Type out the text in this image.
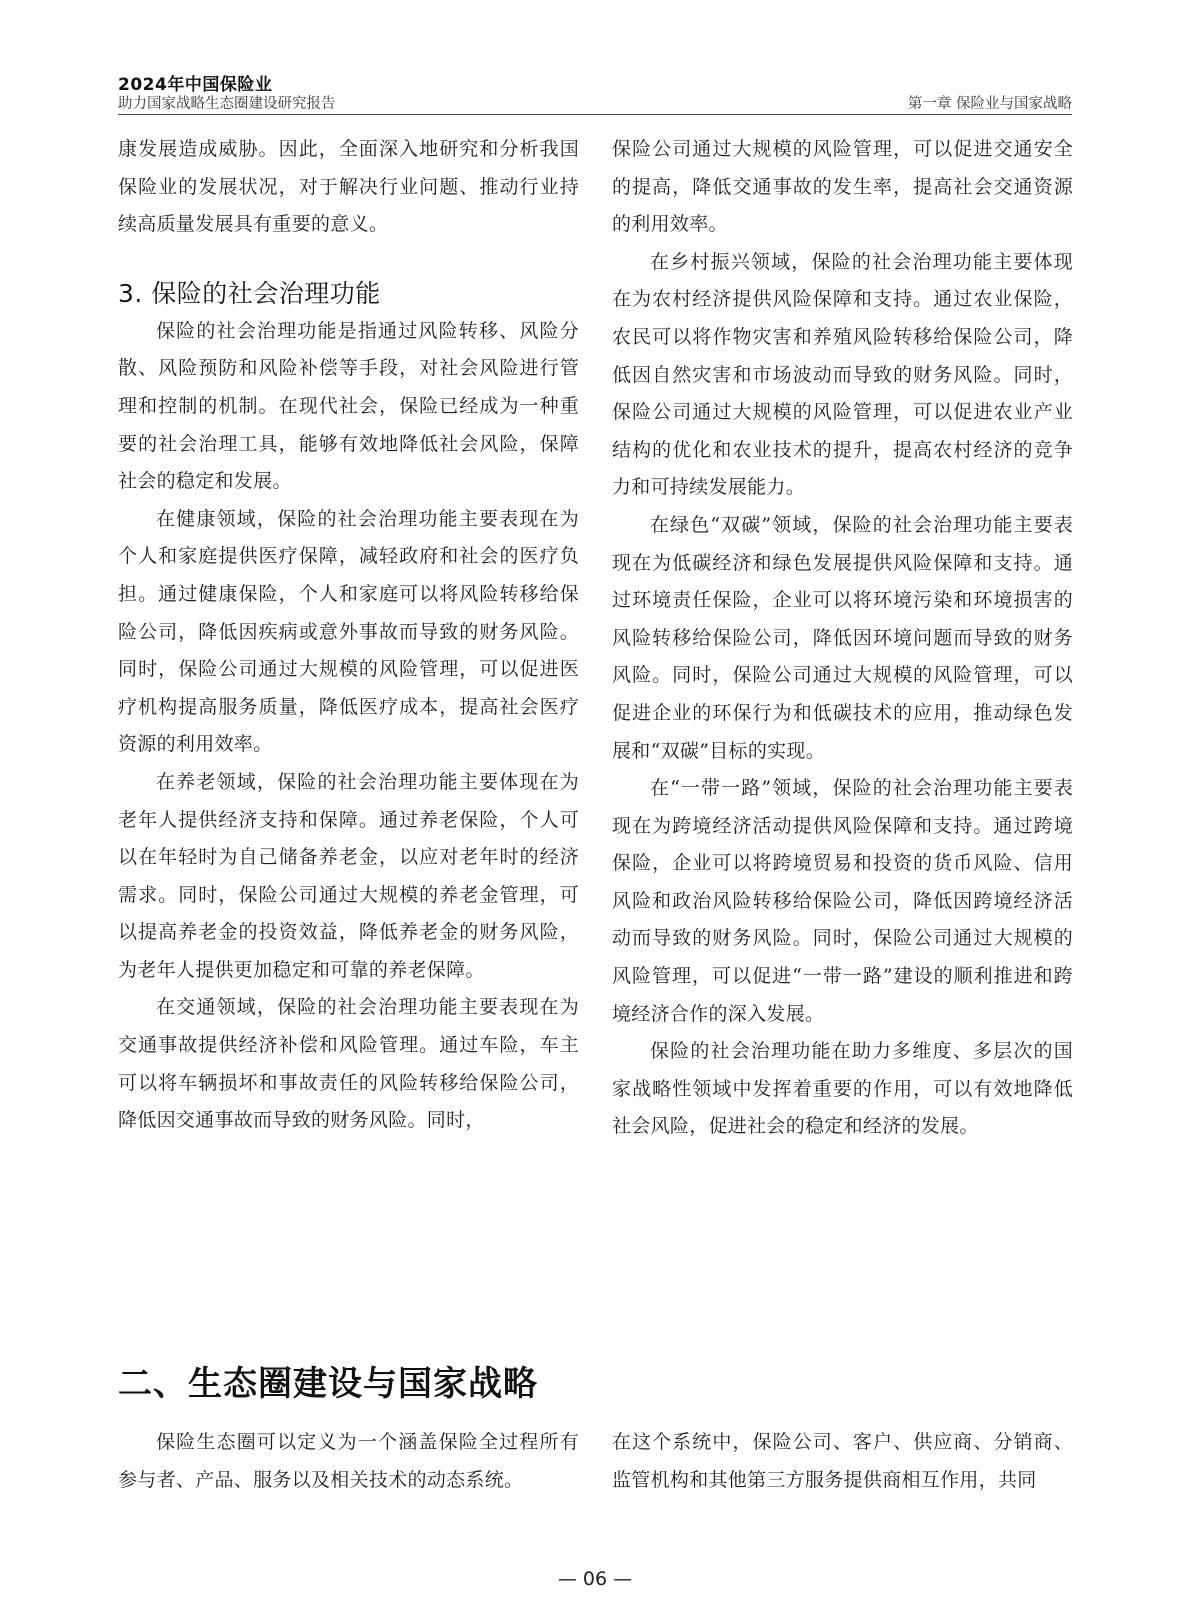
2024年中国保险业
助力国家战略生态圈建设研究报告	第一章 保险业与国家战略

康发展造成威胁。因此，全面深入地研究和分析我国保险业的发展状况，对于解决行业问题、推动行业持续高质量发展具有重要的意义。

3. 保险的社会治理功能

保险的社会治理功能是指通过风险转移、风险分散、风险预防和风险补偿等手段，对社会风险进行管理和控制的机制。在现代社会，保险已经成为一种重要的社会治理工具，能够有效地降低社会风险，保障社会的稳定和发展。

在健康领域，保险的社会治理功能主要表现在为个人和家庭提供医疗保障，减轻政府和社会的医疗负担。通过健康保险，个人和家庭可以将风险转移给保险公司，降低因疾病或意外事故而导致的财务风险。同时，保险公司通过大规模的风险管理，可以促进医疗机构提高服务质量，降低医疗成本，提高社会医疗资源的利用效率。

在养老领域，保险的社会治理功能主要体现在为老年人提供经济支持和保障。通过养老保险，个人可以在年轻时为自己储备养老金，以应对老年时的经济需求。同时，保险公司通过大规模的养老金管理，可以提高养老金的投资效益，降低养老金的财务风险，为老年人提供更加稳定和可靠的养老保障。

在交通领域，保险的社会治理功能主要表现在为交通事故提供经济补偿和风险管理。通过车险，车主可以将车辆损坏和事故责任的风险转移给保险公司，降低因交通事故而导致的财务风险。同时，

保险公司通过大规模的风险管理，可以促进交通安全的提高，降低交通事故的发生率，提高社会交通资源的利用效率。

在乡村振兴领域，保险的社会治理功能主要体现在为农村经济提供风险保障和支持。通过农业保险，农民可以将作物灾害和养殖风险转移给保险公司，降低因自然灾害和市场波动而导致的财务风险。同时，保险公司通过大规模的风险管理，可以促进农业产业结构的优化和农业技术的提升，提高农村经济的竞争力和可持续发展能力。

在绿色“双碳”领域，保险的社会治理功能主要表现在为低碳经济和绿色发展提供风险保障和支持。通过环境责任保险，企业可以将环境污染和环境损害的风险转移给保险公司，降低因环境问题而导致的财务风险。同时，保险公司通过大规模的风险管理，可以促进企业的环保行为和低碳技术的应用，推动绿色发展和“双碳”目标的实现。

在“一带一路”领域，保险的社会治理功能主要表现在为跨境经济活动提供风险保障和支持。通过跨境保险，企业可以将跨境贸易和投资的货币风险、信用风险和政治风险转移给保险公司，降低因跨境经济活动而导致的财务风险。同时，保险公司通过大规模的风险管理，可以促进“一带一路”建设的顺利推进和跨境经济合作的深入发展。

保险的社会治理功能在助力多维度、多层次的国家战略性领域中发挥着重要的作用，可以有效地降低社会风险，促进社会的稳定和经济的发展。

二、生态圈建设与国家战略

保险生态圈可以定义为一个涵盖保险全过程所有参与者、产品、服务以及相关技术的动态系统。

在这个系统中，保险公司、客户、供应商、分销商、监管机构和其他第三方服务提供商相互作用，共同

— 06 —
